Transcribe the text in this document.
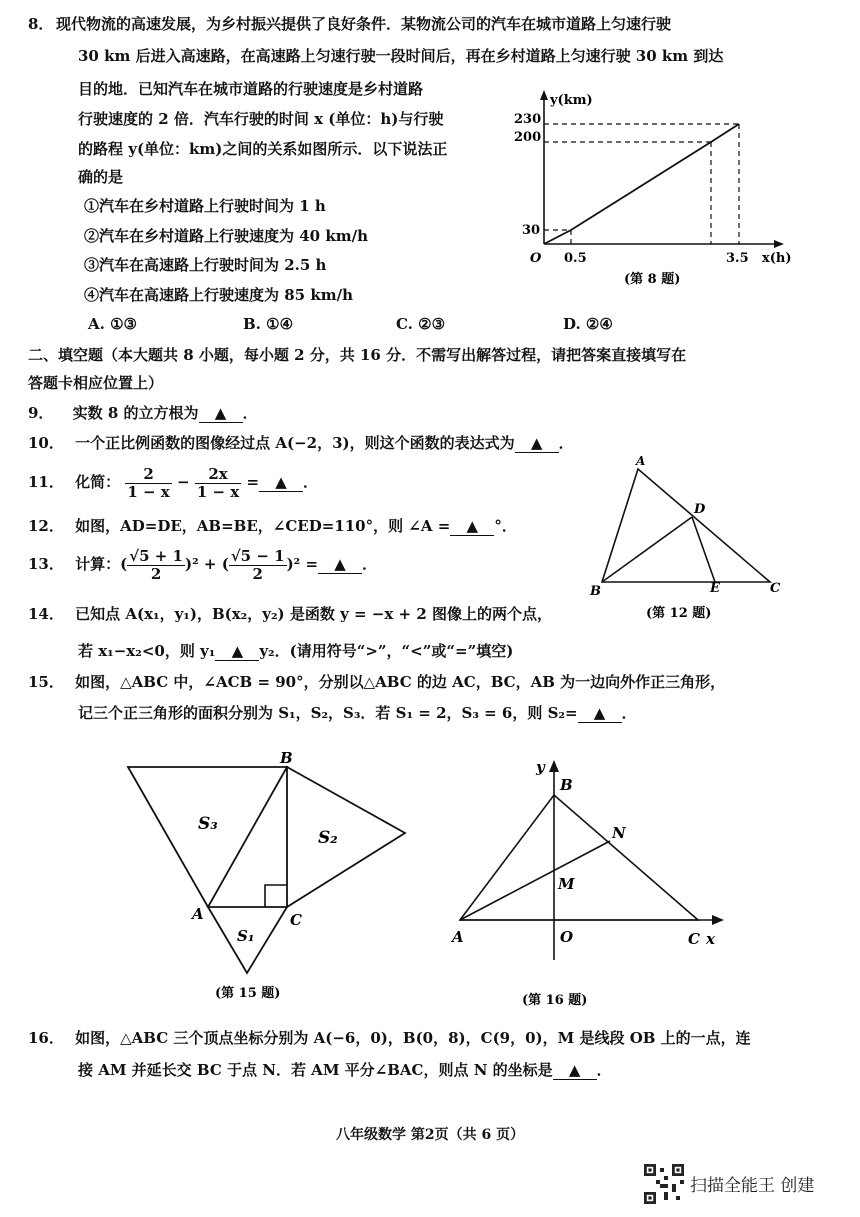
8． 现代物流的高速发展，为乡村振兴提供了良好条件．某物流公司的汽车在城市道路上匀速行驶
30 km 后进入高速路，在高速路上匀速行驶一段时间后，再在乡村道路上匀速行驶 30 km 到达
目的地．已知汽车在城市道路的行驶速度是乡村道路
行驶速度的 2 倍．汽车行驶的时间 x (单位：h)与行驶
的路程 y(单位：km)之间的关系如图所示．以下说法正
确的是
①汽车在乡村道路上行驶时间为 1 h
②汽车在乡村道路上行驶速度为 40 km/h
③汽车在高速路上行驶时间为 2.5 h
④汽车在高速路上行驶速度为 85 km/h
A. ①③	B. ①④	C. ②③	D. ②④
y(km)
x(h)
O
230
200
30
0.5	3.5
(第 8 题)
二、填空题（本大题共 8 小题，每小题 2 分，共 16 分．不需写出解答过程，请把答案直接填写在
答题卡相应位置上）
9． 实数 8 的立方根为 ▲ ．
10． 一个正比例函数的图像经过点 A(−2，3)，则这个函数的表达式为 ▲ ．
11． 化简： $\frac{2}{1 - x} - \frac{2x}{1 - x}$ = ▲ ．
12． 如图，AD=DE，AB=BE，∠CED=110°，则 ∠A = ▲ °．
A
B	C
D
E
(第 12 题)
13． 计算：( $\frac{√5 + 1}{2} )^2$ + ( $\frac{√5 - 1}{2} )^2$ = ▲ ．
14． 已知点 A(x₁，y₁)，B(x₂，y₂) 是函数 y = −x + 2 图像上的两个点，
若 x₁−x₂<0，则 y₁ ▲ y₂．(请用符号“>”，“<”或“=”填空)
15． 如图，△ABC 中，∠ACB = 90°，分别以△ABC 的边 AC，BC，AB 为一边向外作正三角形，
记三个正三角形的面积分别为 S₁，S₂，S₃．若 S₁ = 2，S₃ = 6，则 S₂= ▲ ．
B
A	C
S₁
S₂
S₃
(第 15 题)
y
B
N
M
A	O	C x
(第 16 题)
16． 如图，△ABC 三个顶点坐标分别为 A(−6，0)，B(0，8)，C(9，0)，M 是线段 OB 上的一点，连
接 AM 并延长交 BC 于点 N．若 AM 平分∠BAC，则点 N 的坐标是 ▲ ．
八年级数学 第2页（共 6 页）
扫描全能王 创建
